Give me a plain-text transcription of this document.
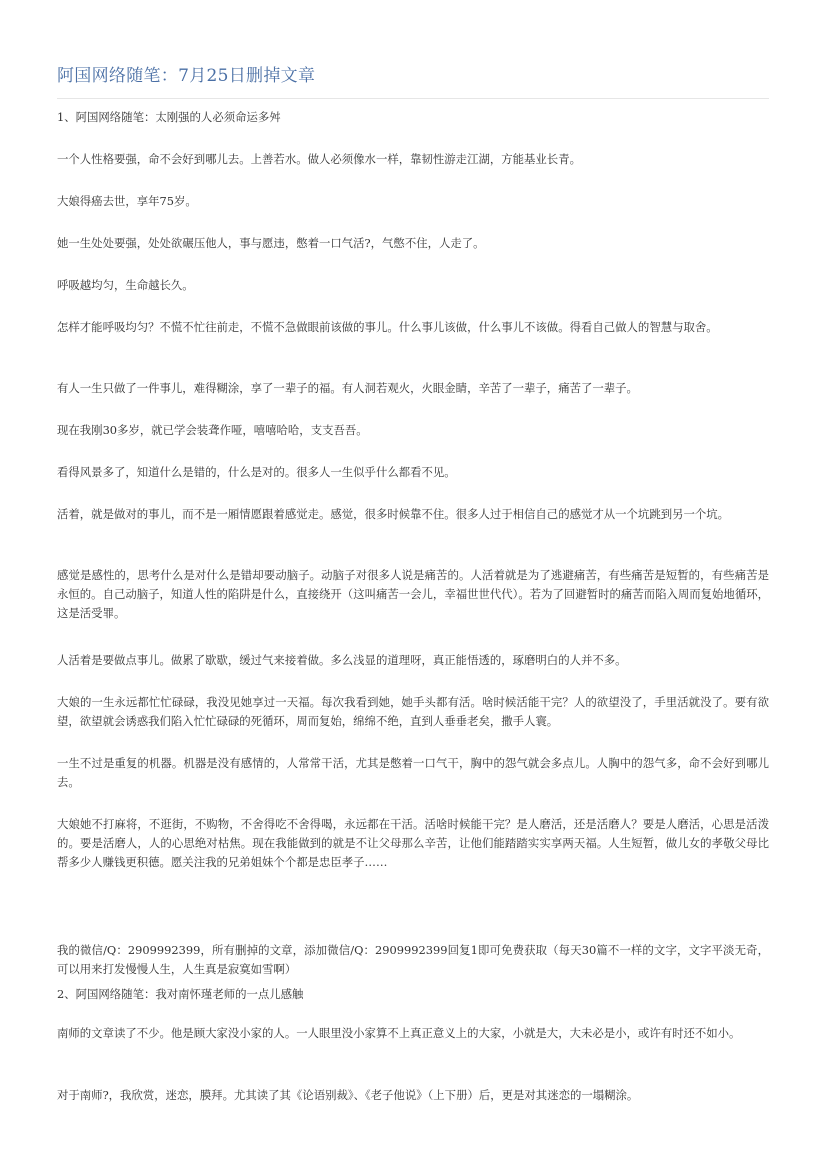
阿国网络随笔：7月25日删掉文章
1、阿国网络随笔：太刚强的人必须命运多舛
一个人性格要强，命不会好到哪儿去。上善若水。做人必须像水一样，靠韧性游走江湖，方能基业长青。
大娘得癌去世，享年75岁。
她一生处处要强，处处欲碾压他人，事与愿违，憋着一口气活?，气憋不住，人走了。
呼吸越均匀，生命越长久。
怎样才能呼吸均匀？不慌不忙往前走，不慌不急做眼前该做的事儿。什么事儿该做，什么事儿不该做。得看自己做人的智慧与取舍。
有人一生只做了一件事儿，难得糊涂，享了一辈子的福。有人洞若观火，火眼金睛，辛苦了一辈子，痛苦了一辈子。
现在我刚30多岁，就已学会装聋作哑，嘻嘻哈哈，支支吾吾。
看得风景多了，知道什么是错的，什么是对的。很多人一生似乎什么都看不见。
活着，就是做对的事儿，而不是一厢情愿跟着感觉走。感觉，很多时候靠不住。很多人过于相信自己的感觉才从一个坑跳到另一个坑。
感觉是感性的，思考什么是对什么是错却要动脑子。动脑子对很多人说是痛苦的。人活着就是为了逃避痛苦，有些痛苦是短暂的，有些痛苦是永恒的。自己动脑子，知道人性的陷阱是什么，直接绕开（这叫痛苦一会儿，幸福世世代代）。若为了回避暂时的痛苦而陷入周而复始地循环，这是活受罪。
人活着是要做点事儿。做累了歇歇，缓过气来接着做。多么浅显的道理呀，真正能悟透的，琢磨明白的人并不多。
大娘的一生永远都忙忙碌碌，我没见她享过一天福。每次我看到她，她手头都有活。啥时候活能干完？人的欲望没了，手里活就没了。要有欲望，欲望就会诱惑我们陷入忙忙碌碌的死循环，周而复始，绵绵不绝，直到人垂垂老矣，撒手人寰。
一生不过是重复的机器。机器是没有感情的，人常常干活，尤其是憋着一口气干，胸中的怨气就会多点儿。人胸中的怨气多，命不会好到哪儿去。
大娘她不打麻将，不逛街，不购物，不舍得吃不舍得喝，永远都在干活。活啥时候能干完？是人磨活，还是活磨人？要是人磨活，心思是活泼的。要是活磨人，人的心思绝对枯焦。现在我能做到的就是不让父母那么辛苦，让他们能踏踏实实享两天福。人生短暂，做儿女的孝敬父母比帮多少人赚钱更积德。愿关注我的兄弟姐妹个个都是忠臣孝子……
我的微信/Q：2909992399，所有删掉的文章，添加微信/Q：2909992399回复1即可免费获取（每天30篇不一样的文字，文字平淡无奇，可以用来打发慢慢人生，人生真是寂寞如雪啊）
2、阿国网络随笔：我对南怀瑾老师的一点儿感触
南师的文章读了不少。他是顾大家没小家的人。一人眼里没小家算不上真正意义上的大家，小就是大，大未必是小，或许有时还不如小。
对于南师?，我欣赏，迷恋，膜拜。尤其读了其《论语别裁》、《老子他说》（上下册）后，更是对其迷恋的一塌糊涂。
